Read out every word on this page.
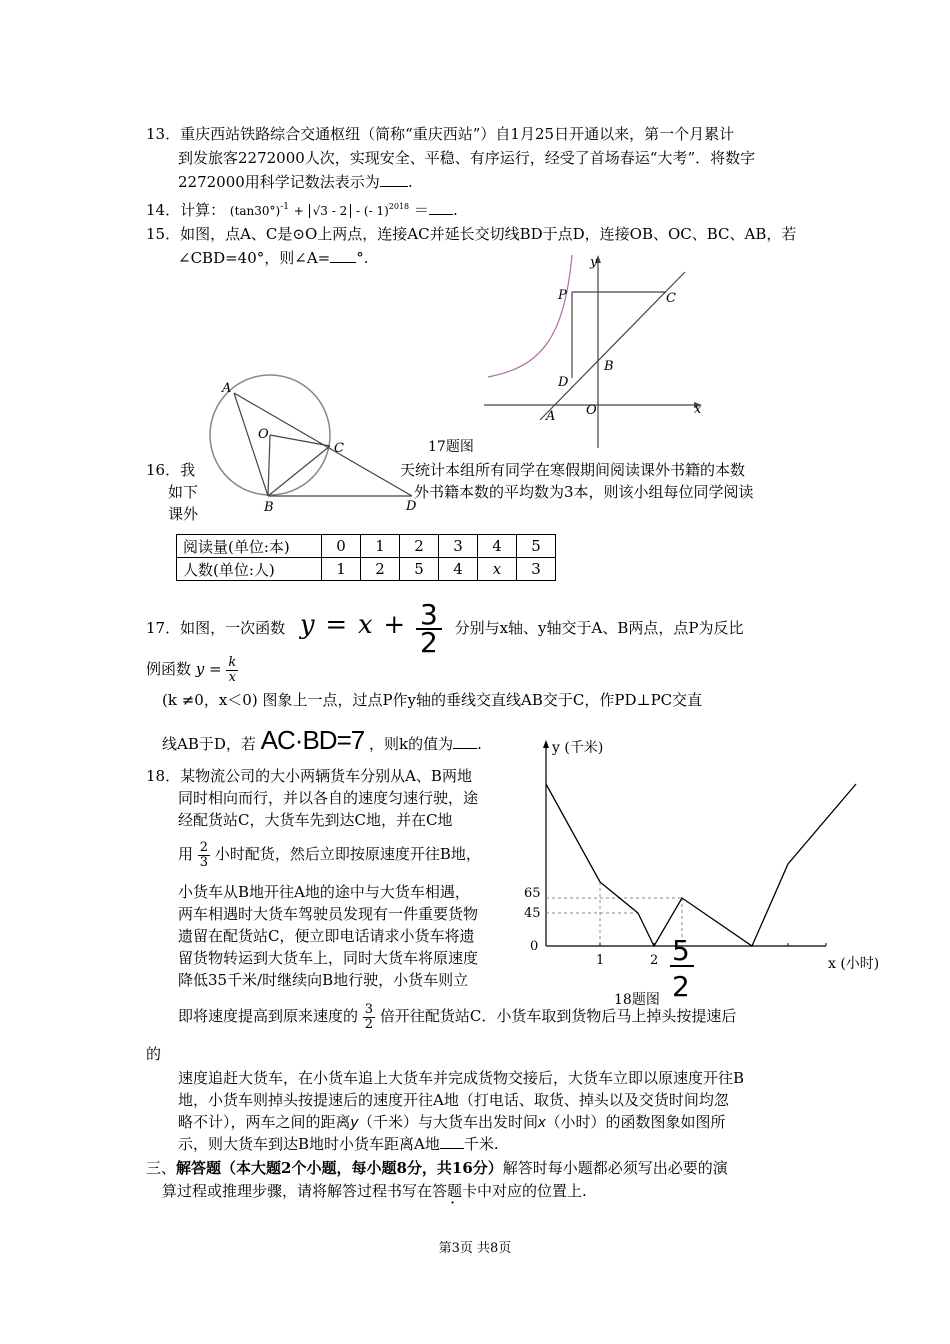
13．重庆西站铁路综合交通枢纽（简称“重庆西站”）自1月25日开通以来，第一个月累计
到发旅客2272000人次，实现安全、平稳、有序运行，经受了首场春运“大考”．将数字
2272000用科学记数法表示为 .
14．计算： $(\tan 30^\circ)^{-1} + √3 - 2$ - (- 1)$^{2018}$ ＝ .
15．如图，点A、C是⊙O上两点，连接AC并延长交切线BD于点D，连接OB、OC、BC、AB，若
∠CBD=40°，则∠A= °.
A
O
C
B	D
y
P	C
B
D
A O	x
17题图
16．我	天统计本组所有同学在寒假期间阅读课外书籍的本数
如下	外书籍本数的平均数为3本，则该小组每位同学阅读
课外
阅读量(单位:本)	0	1	2	3	4	5
人数(单位:人)	1	2	5	4	x	3
17．如图，一次函数 $y = x + \frac{3}{2}$ 分别与x轴、y轴交于A、B两点，点P为反比
例函数 $y = \frac{k}{x}$
(k ≠0，x＜0) 图象上一点，过点P作y轴的垂线交直线AB交于C，作PD⊥PC交直
线AB于D，若 AC·BD=7 ，则k的值为 .
18．某物流公司的大小两辆货车分别从A、B两地
同时相向而行，并以各自的速度匀速行驶，途
经配货站C，大货车先到达C地，并在C地
用 $\frac{2}{3}$ 小时配货，然后立即按原速度开往B地，
小货车从B地开往A地的途中与大货车相遇，
两车相遇时大货车驾驶员发现有一件重要货物
遗留在配货站C，便立即电话请求小货车将遗
留货物转运到大货车上，同时大货车将原速度
降低35千米/时继续向B地行驶，小货车则立
即将速度提高到原来速度的 $\frac{3}{2}$ 倍开往配货站C．小货车取到货物后马上掉头按提速后
的
速度追赶大货车，在小货车追上大货车并完成货物交接后，大货车立即以原速度开往B
地，小货车则掉头按提速后的速度开往A地（打电话、取货、掉头以及交货时间均忽
略不计），两车之间的距离y（千米）与大货车出发时间x（小时）的函数图象如图所
示，则大货车到达B地时小货车距离A地 千米.
y (千米)
65
45
0
1	2 5
2
x (小时)
18题图
三、解答题（本大题2个小题，每小题8分，共16分）解答时每小题都必须写出必要的演
算过程或推理步骤，请将解答过程书写在答题卡中对应的位置上.
第3页 共8页
